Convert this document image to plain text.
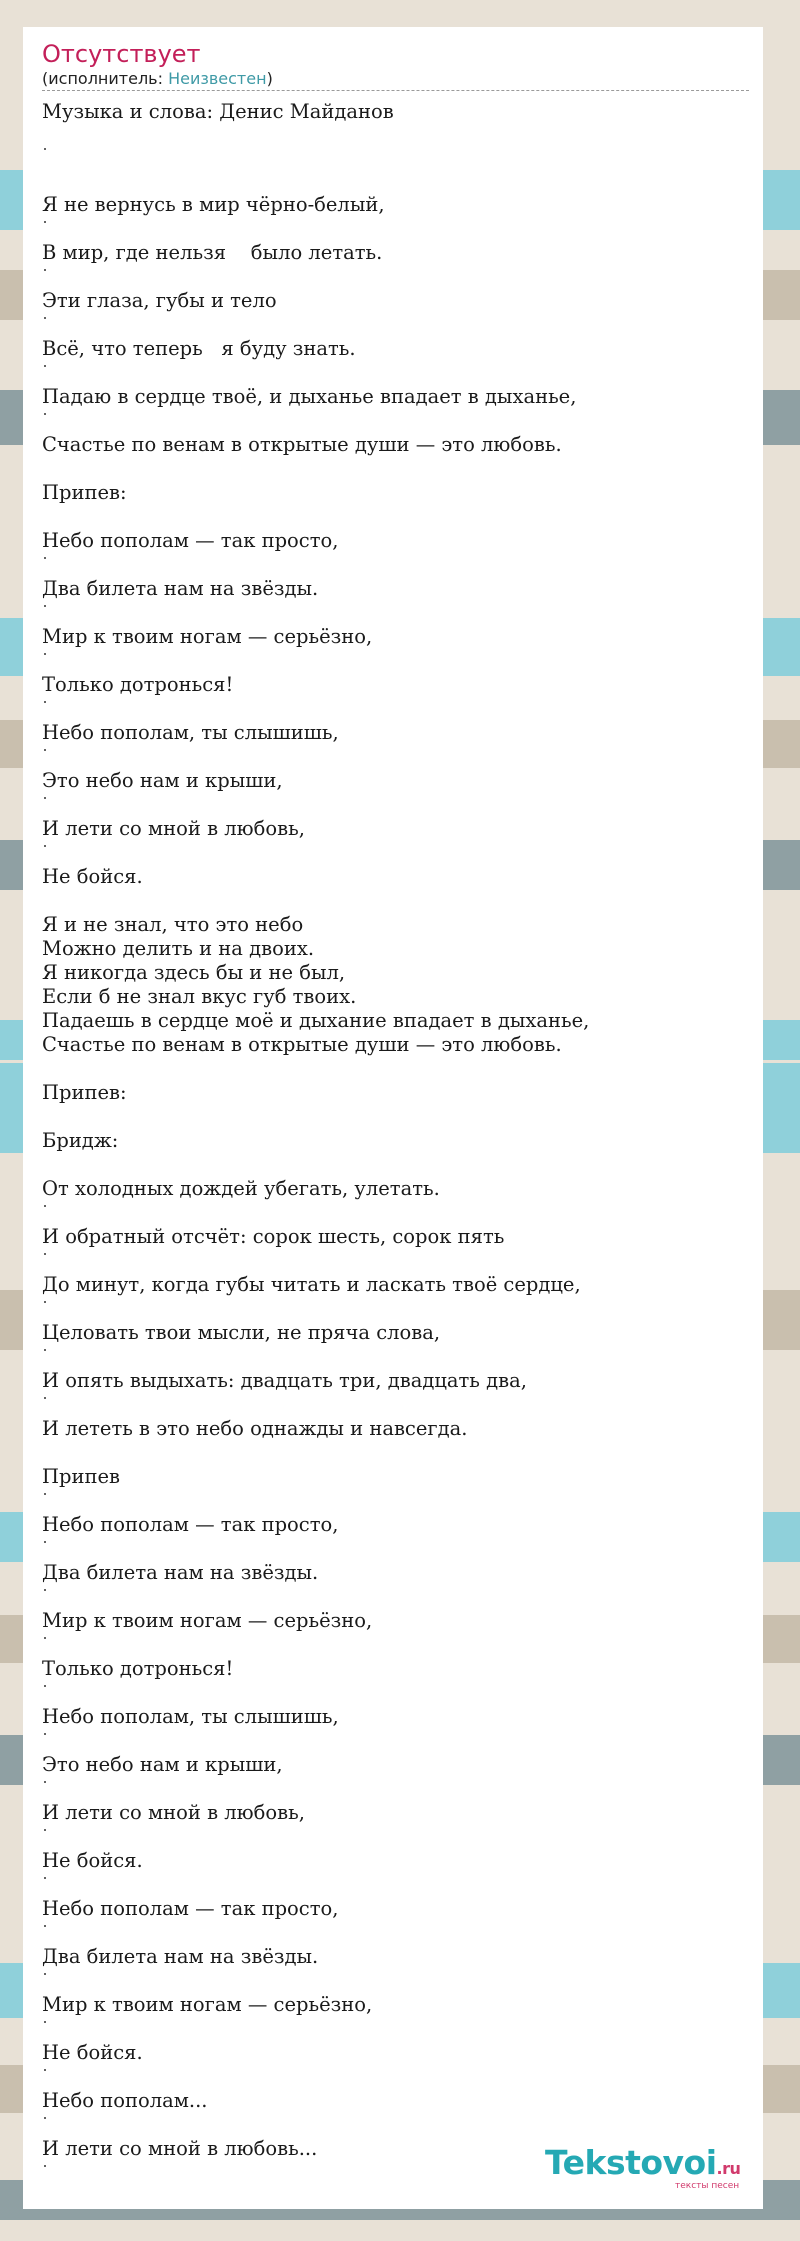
Отсутствует
(исполнитель: Неизвестен)
Музыка и слова: Денис Майданов
Я не вернусь в мир чёрно-белый,
В мир, где нельзя    было летать.
Эти глаза, губы и тело
Всё, что теперь   я буду знать.
Падаю в сердце твоё, и дыханье впадает в дыханье,
Счастье по венам в открытые души — это любовь.
Припев:
Небо пополам — так просто,
Два билета нам на звёзды.
Мир к твоим ногам — серьёзно,
Только дотронься!
Небо пополам, ты слышишь,
Это небо нам и крыши,
И лети со мной в любовь,
Не бойся.
Я и не знал, что это небо
Можно делить и на двоих.
Я никогда здесь бы и не был,
Если б не знал вкус губ твоих.
Падаешь в сердце моё и дыхание впадает в дыханье,
Счастье по венам в открытые души — это любовь.
Припев:
Бридж:
От холодных дождей убегать, улетать.
И обратный отсчёт: сорок шесть, сорок пять
До минут, когда губы читать и ласкать твоё сердце,
Целовать твои мысли, не пряча слова,
И опять выдыхать: двадцать три, двадцать два,
И лететь в это небо однажды и навсегда.
Припев
Небо пополам — так просто,
Два билета нам на звёзды.
Мир к твоим ногам — серьёзно,
Только дотронься!
Небо пополам, ты слышишь,
Это небо нам и крыши,
И лети со мной в любовь,
Не бойся.
Небо пополам — так просто,
Два билета нам на звёзды.
Мир к твоим ногам — серьёзно,
Не бойся.
Небо пополам...
И лети со мной в любовь...	Tekstovoi.ru
тексты песен
